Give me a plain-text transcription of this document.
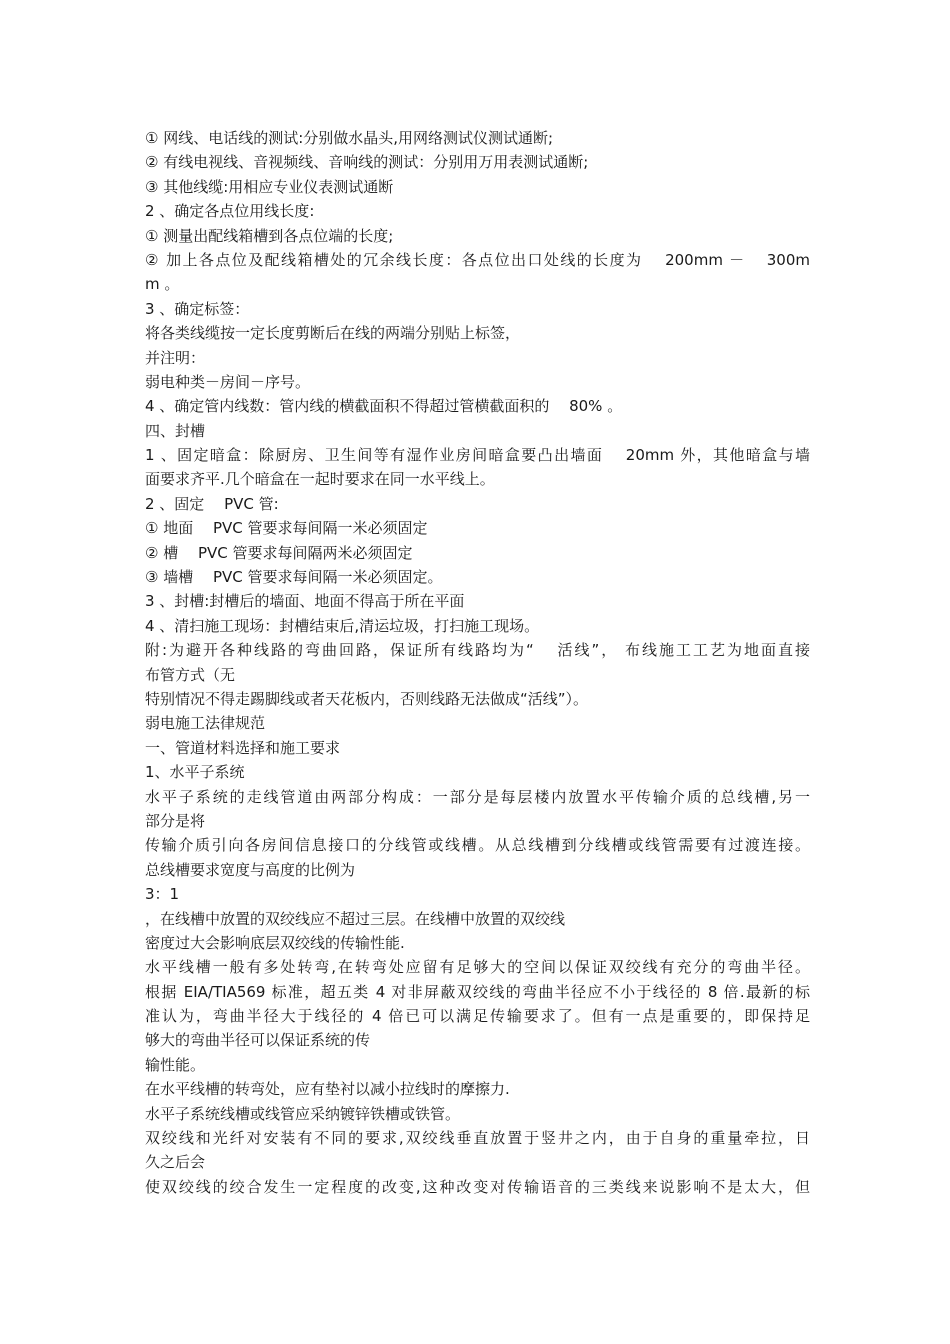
① 网线、电话线的测试:分别做水晶头,用网络测试仪测试通断;
② 有线电视线、音视频线、音响线的测试：分别用万用表测试通断;
③ 其他线缆:用相应专业仪表测试通断
2 、确定各点位用线长度:
① 测量出配线箱槽到各点位端的长度;
② 加上各点位及配线箱槽处的冗余线长度：各点位出口处线的长度为 　200mm － 　300m
m 。
3 、确定标签：
将各类线缆按一定长度剪断后在线的两端分别贴上标签，
并注明：
弱电种类－房间－序号。
4 、确定管内线数：管内线的横截面积不得超过管横截面积的 　80% 。
四、封槽
1 、固定暗盒：除厨房、卫生间等有湿作业房间暗盒要凸出墙面 　20mm 外，其他暗盒与墙
面要求齐平.几个暗盒在一起时要求在同一水平线上。
2 、固定 　PVC 管:
① 地面 　PVC 管要求每间隔一米必须固定
② 槽 　PVC 管要求每间隔两米必须固定
③ 墙槽 　PVC 管要求每间隔一米必须固定。
3 、封槽:封槽后的墙面、地面不得高于所在平面
4 、清扫施工现场：封槽结束后,清运垃圾，打扫施工现场。
附:为避开各种线路的弯曲回路，保证所有线路均为“ 　活线”， 布线施工工艺为地面直接
布管方式（无
特别情况不得走踢脚线或者天花板内，否则线路无法做成“活线”）。
弱电施工法律规范
一、管道材料选择和施工要求
1、水平子系统
水平子系统的走线管道由两部分构成：一部分是每层楼内放置水平传输介质的总线槽,另一
部分是将
传输介质引向各房间信息接口的分线管或线槽。从总线槽到分线槽或线管需要有过渡连接。
总线槽要求宽度与高度的比例为
3：1
，在线槽中放置的双绞线应不超过三层。在线槽中放置的双绞线
密度过大会影响底层双绞线的传输性能.
水平线槽一般有多处转弯,在转弯处应留有足够大的空间以保证双绞线有充分的弯曲半径。
根据 EIA/TIA569 标准，超五类 4 对非屏蔽双绞线的弯曲半径应不小于线径的 8 倍.最新的标
准认为，弯曲半径大于线径的 4 倍已可以满足传输要求了。但有一点是重要的，即保持足
够大的弯曲半径可以保证系统的传
输性能。
在水平线槽的转弯处，应有垫衬以减小拉线时的摩擦力.
水平子系统线槽或线管应采纳镀锌铁槽或铁管。
双绞线和光纤对安装有不同的要求,双绞线垂直放置于竖井之内，由于自身的重量牵拉，日
久之后会
使双绞线的绞合发生一定程度的改变,这种改变对传输语音的三类线来说影响不是太大，但
